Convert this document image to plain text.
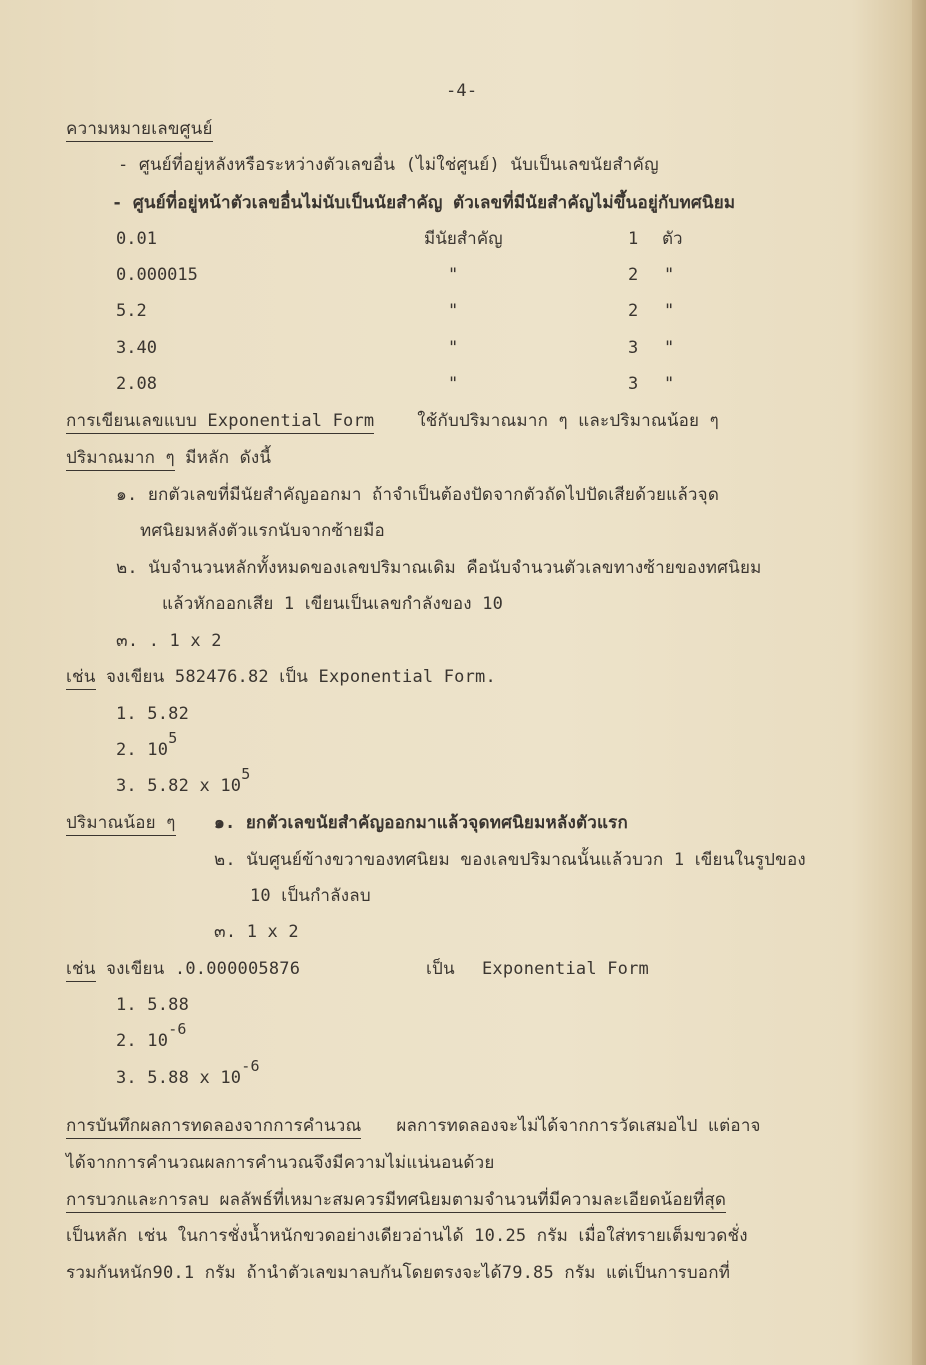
-4-
ความหมายเลขศูนย์
- ศูนย์ที่อยู่หลังหรือระหว่างตัวเลขอื่น (ไม่ใช่ศูนย์) นับเป็นเลขนัยสำคัญ
- ศูนย์ที่อยู่หน้าตัวเลขอื่นไม่นับเป็นนัยสำคัญ ตัวเลขที่มีนัยสำคัญไม่ขึ้นอยู่กับทศนิยม
0.01	มีนัยสำคัญ	1 ตัว
0.000015	"	2 "
5.2	"	2 "
3.40	"	3 "
2.08	"	3 "
การเขียนเลขแบบ Exponential Form	ใช้กับปริมาณมาก ๆ และปริมาณน้อย ๆ
ปริมาณมาก ๆ มีหลัก ดังนี้
๑. ยกตัวเลขที่มีนัยสำคัญออกมา ถ้าจำเป็นต้องปัดจากตัวถัดไปปัดเสียด้วยแล้วจุด
ทศนิยมหลังตัวแรกนับจากซ้ายมือ
๒. นับจำนวนหลักทั้งหมดของเลขปริมาณเดิม คือนับจำนวนตัวเลขทางซ้ายของทศนิยม
แล้วหักออกเสีย 1 เขียนเป็นเลขกำลังของ 10
๓. . 1 x 2
เช่น จงเขียน 582476.82 เป็น Exponential Form.
1. 5.82
2. 105
3. 5.82 x 105
ปริมาณน้อย ๆ ๑. ยกตัวเลขนัยสำคัญออกมาแล้วจุดทศนิยมหลังตัวแรก
๒. นับศูนย์ข้างขวาของทศนิยม ของเลขปริมาณนั้นแล้วบวก 1 เขียนในรูปของ
10 เป็นกำลังลบ
๓. 1 x 2
เช่น จงเขียน .0.000005876	เป็น Exponential Form
1. 5.88
2. 10-6
3. 5.88 x 10-6
การบันทึกผลการทดลองจากการคำนวณ ผลการทดลองจะไม่ได้จากการวัดเสมอไป แต่อาจ
ได้จากการคำนวณผลการคำนวณจึงมีความไม่แน่นอนด้วย
การบวกและการลบ ผลลัพธ์ที่เหมาะสมควรมีทศนิยมตามจำนวนที่มีความละเอียดน้อยที่สุด
เป็นหลัก เช่น ในการชั่งน้ำหนักขวดอย่างเดียวอ่านได้ 10.25 กรัม เมื่อใส่ทรายเต็มขวดชั่ง
รวมกันหนัก90.1 กรัม ถ้านำตัวเลขมาลบกันโดยตรงจะได้79.85 กรัม แต่เป็นการบอกที่
